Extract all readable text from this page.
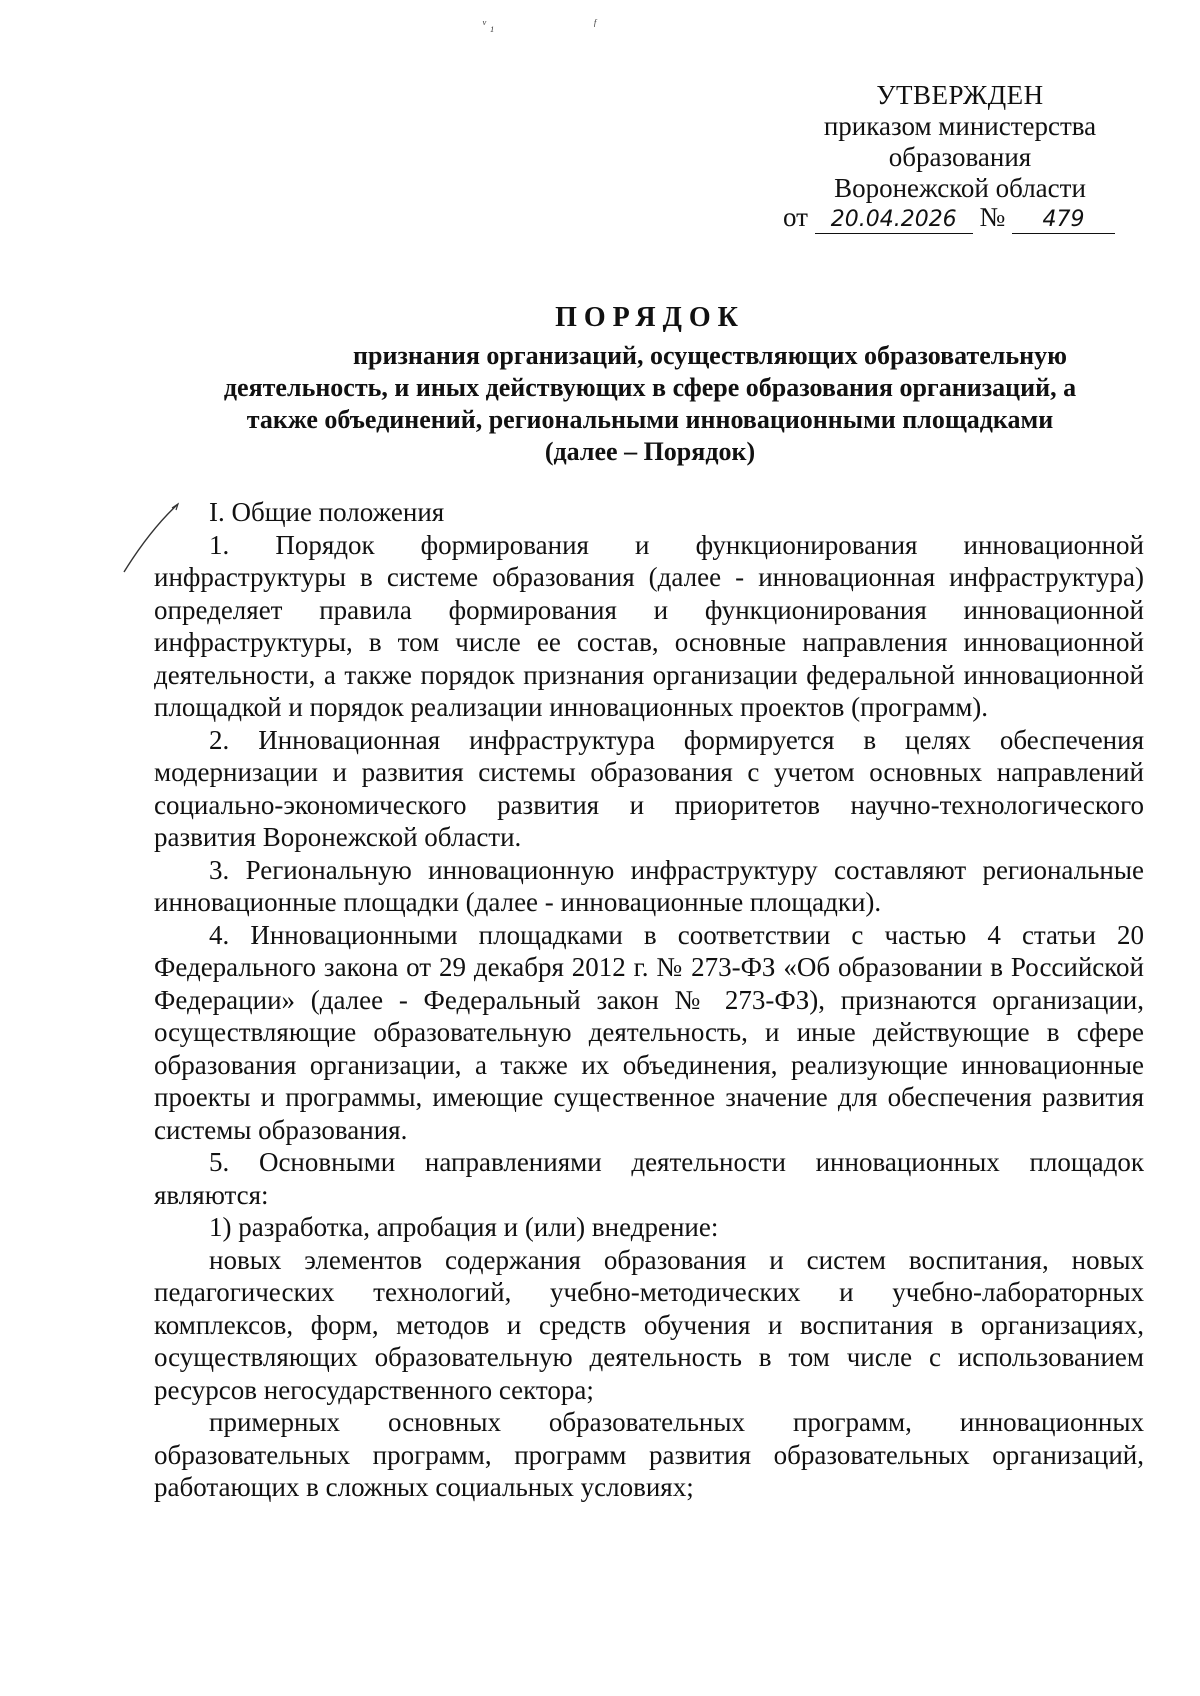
ᵛ ₁	ᶠ
УТВЕРЖДЕН
приказом министерства
образования
Воронежской области
от 20.04.2026 № 479
ПОРЯДОК
признания организаций, осуществляющих образовательную
деятельность, и иных действующих в сфере образования организаций, а
также объединений, региональными инновационными площадками
(далее – Порядок)

I. Общие положения

1. Порядок формирования и функционирования инновационной инфраструктуры в системе образования (далее - инновационная инфраструктура) определяет правила формирования и функционирования инновационной инфраструктуры, в том числе ее состав, основные направления инновационной деятельности, а также порядок признания организации федеральной инновационной площадкой и порядок реализации инновационных проектов (программ).

2. Инновационная инфраструктура формируется в целях обеспечения модернизации и развития системы образования с учетом основных направлений социально-экономического развития и приоритетов научно-технологического развития Воронежской области.

3. Региональную инновационную инфраструктуру составляют региональные инновационные площадки (далее - инновационные площадки).

4. Инновационными площадками в соответствии с частью 4 статьи 20 Федерального закона от 29 декабря 2012 г. № 273-ФЗ «Об образовании в Российской Федерации» (далее - Федеральный закон № 273-ФЗ), признаются организации, осуществляющие образовательную деятельность, и иные действующие в сфере образования организации, а также их объединения, реализующие инновационные проекты и программы, имеющие существенное значение для обеспечения развития системы образования.

5. Основными направлениями деятельности инновационных площадок являются:

1) разработка, апробация и (или) внедрение:

новых элементов содержания образования и систем воспитания, новых педагогических технологий, учебно-методических и учебно-лабораторных комплексов, форм, методов и средств обучения и воспитания в организациях, осуществляющих образовательную деятельность в том числе с использованием ресурсов негосударственного сектора;

примерных основных образовательных программ, инновационных образовательных программ, программ развития образовательных организаций, работающих в сложных социальных условиях;
